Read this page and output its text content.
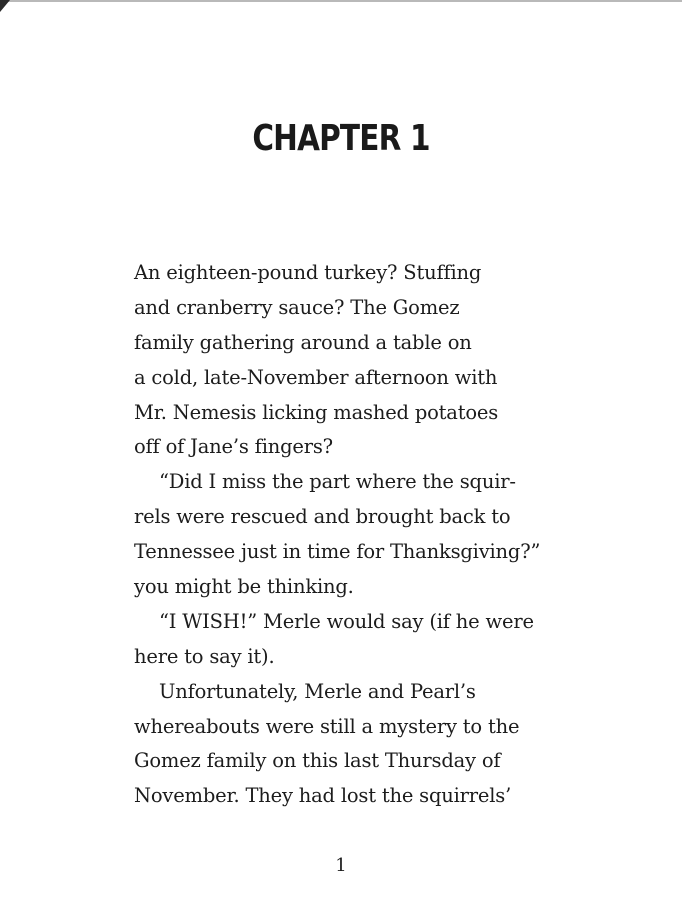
CHAPTER 1
An eighteen-pound turkey? Stuffing
and cranberry sauce? The Gomez
family gathering around a table on
a cold, late-November afternoon with
Mr. Nemesis licking mashed potatoes
off of Jane’s fingers?
“Did I miss the part where the squir-
rels were rescued and brought back to
Tennessee just in time for Thanksgiving?”
you might be thinking.
“I WISH!” Merle would say (if he were
here to say it).
Unfortunately, Merle and Pearl’s
whereabouts were still a mystery to the
Gomez family on this last Thursday of
November. They had lost the squirrels’
1
